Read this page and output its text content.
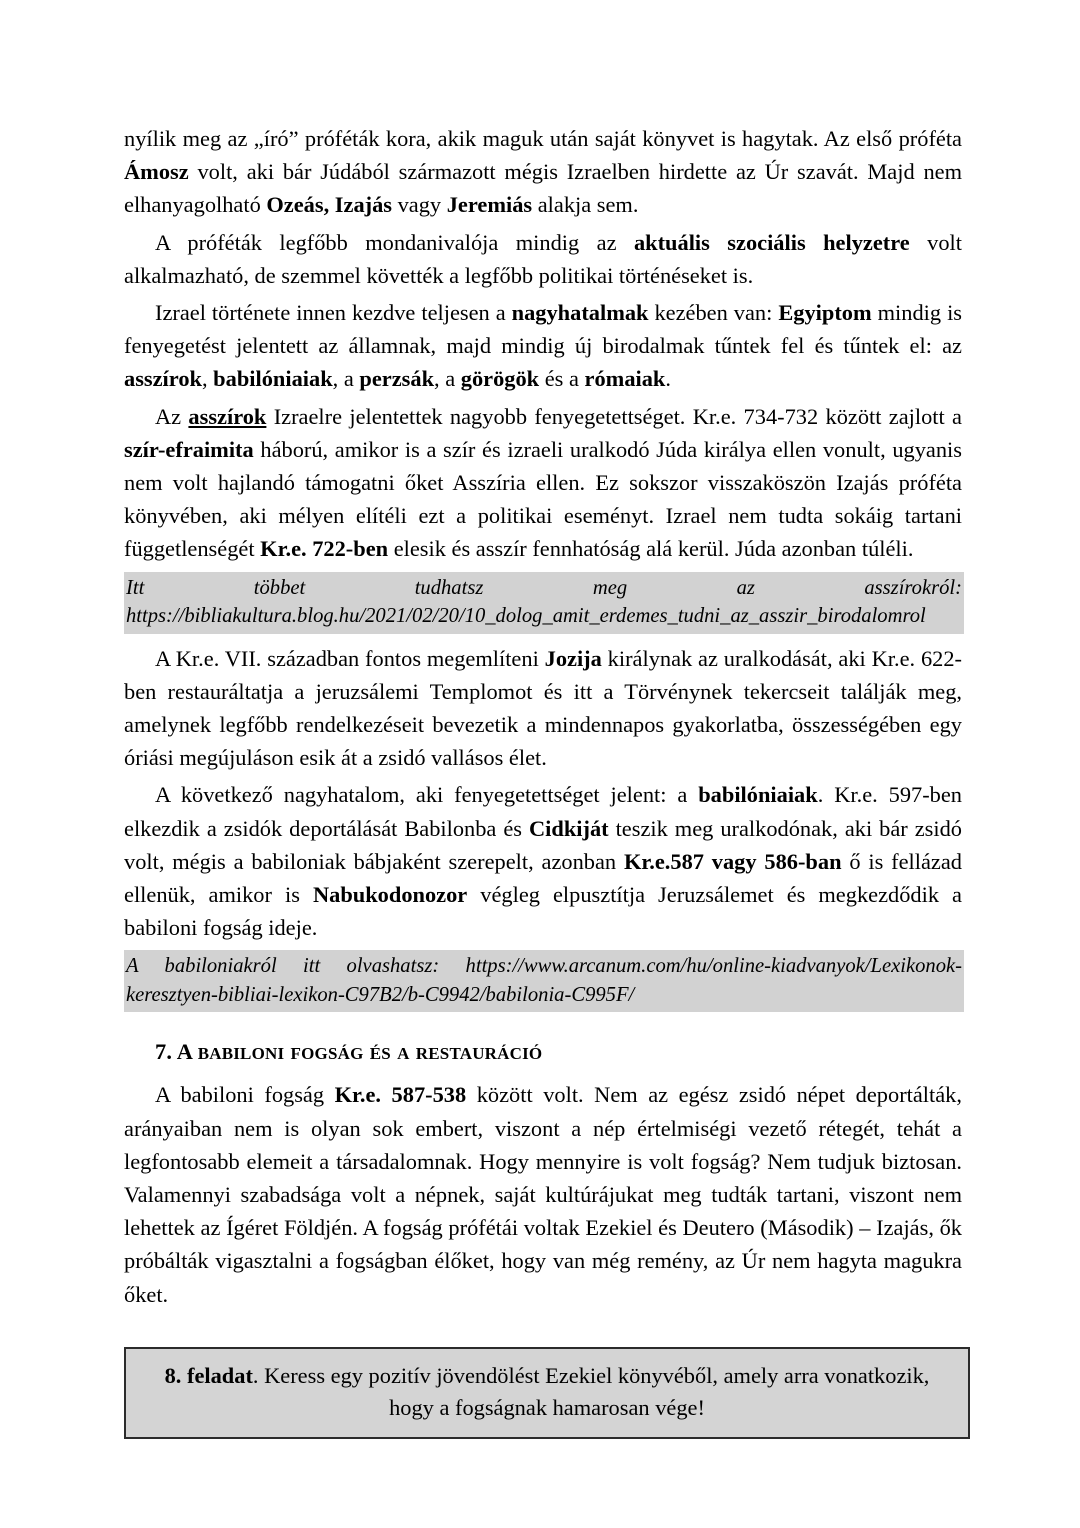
nyílik meg az „író” próféták kora, akik maguk után saját könyvet is hagytak. Az első próféta Ámosz volt, aki bár Júdából származott mégis Izraelben hirdette az Úr szavát. Majd nem elhanyagolható Ozeás, Izajás vagy Jeremiás alakja sem.

A próféták legfőbb mondanivalója mindig az aktuális szociális helyzetre volt alkalmazható, de szemmel követték a legfőbb politikai történéseket is.

Izrael története innen kezdve teljesen a nagyhatalmak kezében van: Egyiptom mindig is fenyegetést jelentett az államnak, majd mindig új birodalmak tűntek fel és tűntek el: az asszírok, babilóniaiak, a perzsák, a görögök és a rómaiak.

Az asszírok Izraelre jelentettek nagyobb fenyegetettséget. Kr.e. 734-732 között zajlott a szír-efraimita háború, amikor is a szír és izraeli uralkodó Júda királya ellen vonult, ugyanis nem volt hajlandó támogatni őket Asszíria ellen. Ez sokszor visszaköszön Izajás próféta könyvében, aki mélyen elítéli ezt a politikai eseményt. Izrael nem tudta sokáig tartani függetlenségét Kr.e. 722-ben elesik és asszír fennhatóság alá kerül. Júda azonban túléli.

Itt többet tudhatsz meg az asszírokról:
https://bibliakultura.blog.hu/2021/02/20/10_dolog_amit_erdemes_tudni_az_asszir_birodalomrol

A Kr.e. VII. században fontos megemlíteni Jozija királynak az uralkodását, aki Kr.e. 622-ben restauráltatja a jeruzsálemi Templomot és itt a Törvénynek tekercseit találják meg, amelynek legfőbb rendelkezéseit bevezetik a mindennapos gyakorlatba, összességében egy óriási megújuláson esik át a zsidó vallásos élet.

A következő nagyhatalom, aki fenyegetettséget jelent: a babilóniaiak. Kr.e. 597-ben elkezdik a zsidók deportálását Babilonba és Cidkiját teszik meg uralkodónak, aki bár zsidó volt, mégis a babiloniak bábjaként szerepelt, azonban Kr.e.587 vagy 586-ban ő is fellázad ellenük, amikor is Nabukodonozor végleg elpusztítja Jeruzsálemet és megkezdődik a babiloni fogság ideje.

A babiloniakról itt olvashatsz: https://www.arcanum.com/hu/online-kiadvanyok/Lexikonok-
keresztyen-bibliai-lexikon-C97B2/b-C9942/babilonia-C995F/
7. A babiloni fogság és a restauráció

A babiloni fogság Kr.e. 587-538 között volt. Nem az egész zsidó népet deportálták, arányaiban nem is olyan sok embert, viszont a nép értelmiségi vezető rétegét, tehát a legfontosabb elemeit a társadalomnak. Hogy mennyire is volt fogság? Nem tudjuk biztosan. Valamennyi szabadsága volt a népnek, saját kultúrájukat meg tudták tartani, viszont nem lehettek az Ígéret Földjén. A fogság prófétái voltak Ezekiel és Deutero (Második) – Izajás, ők próbálták vigasztalni a fogságban élőket, hogy van még remény, az Úr nem hagyta magukra őket.

8. feladat. Keress egy pozitív jövendölést Ezekiel könyvéből, amely arra vonatkozik, hogy a fogságnak hamarosan vége!
